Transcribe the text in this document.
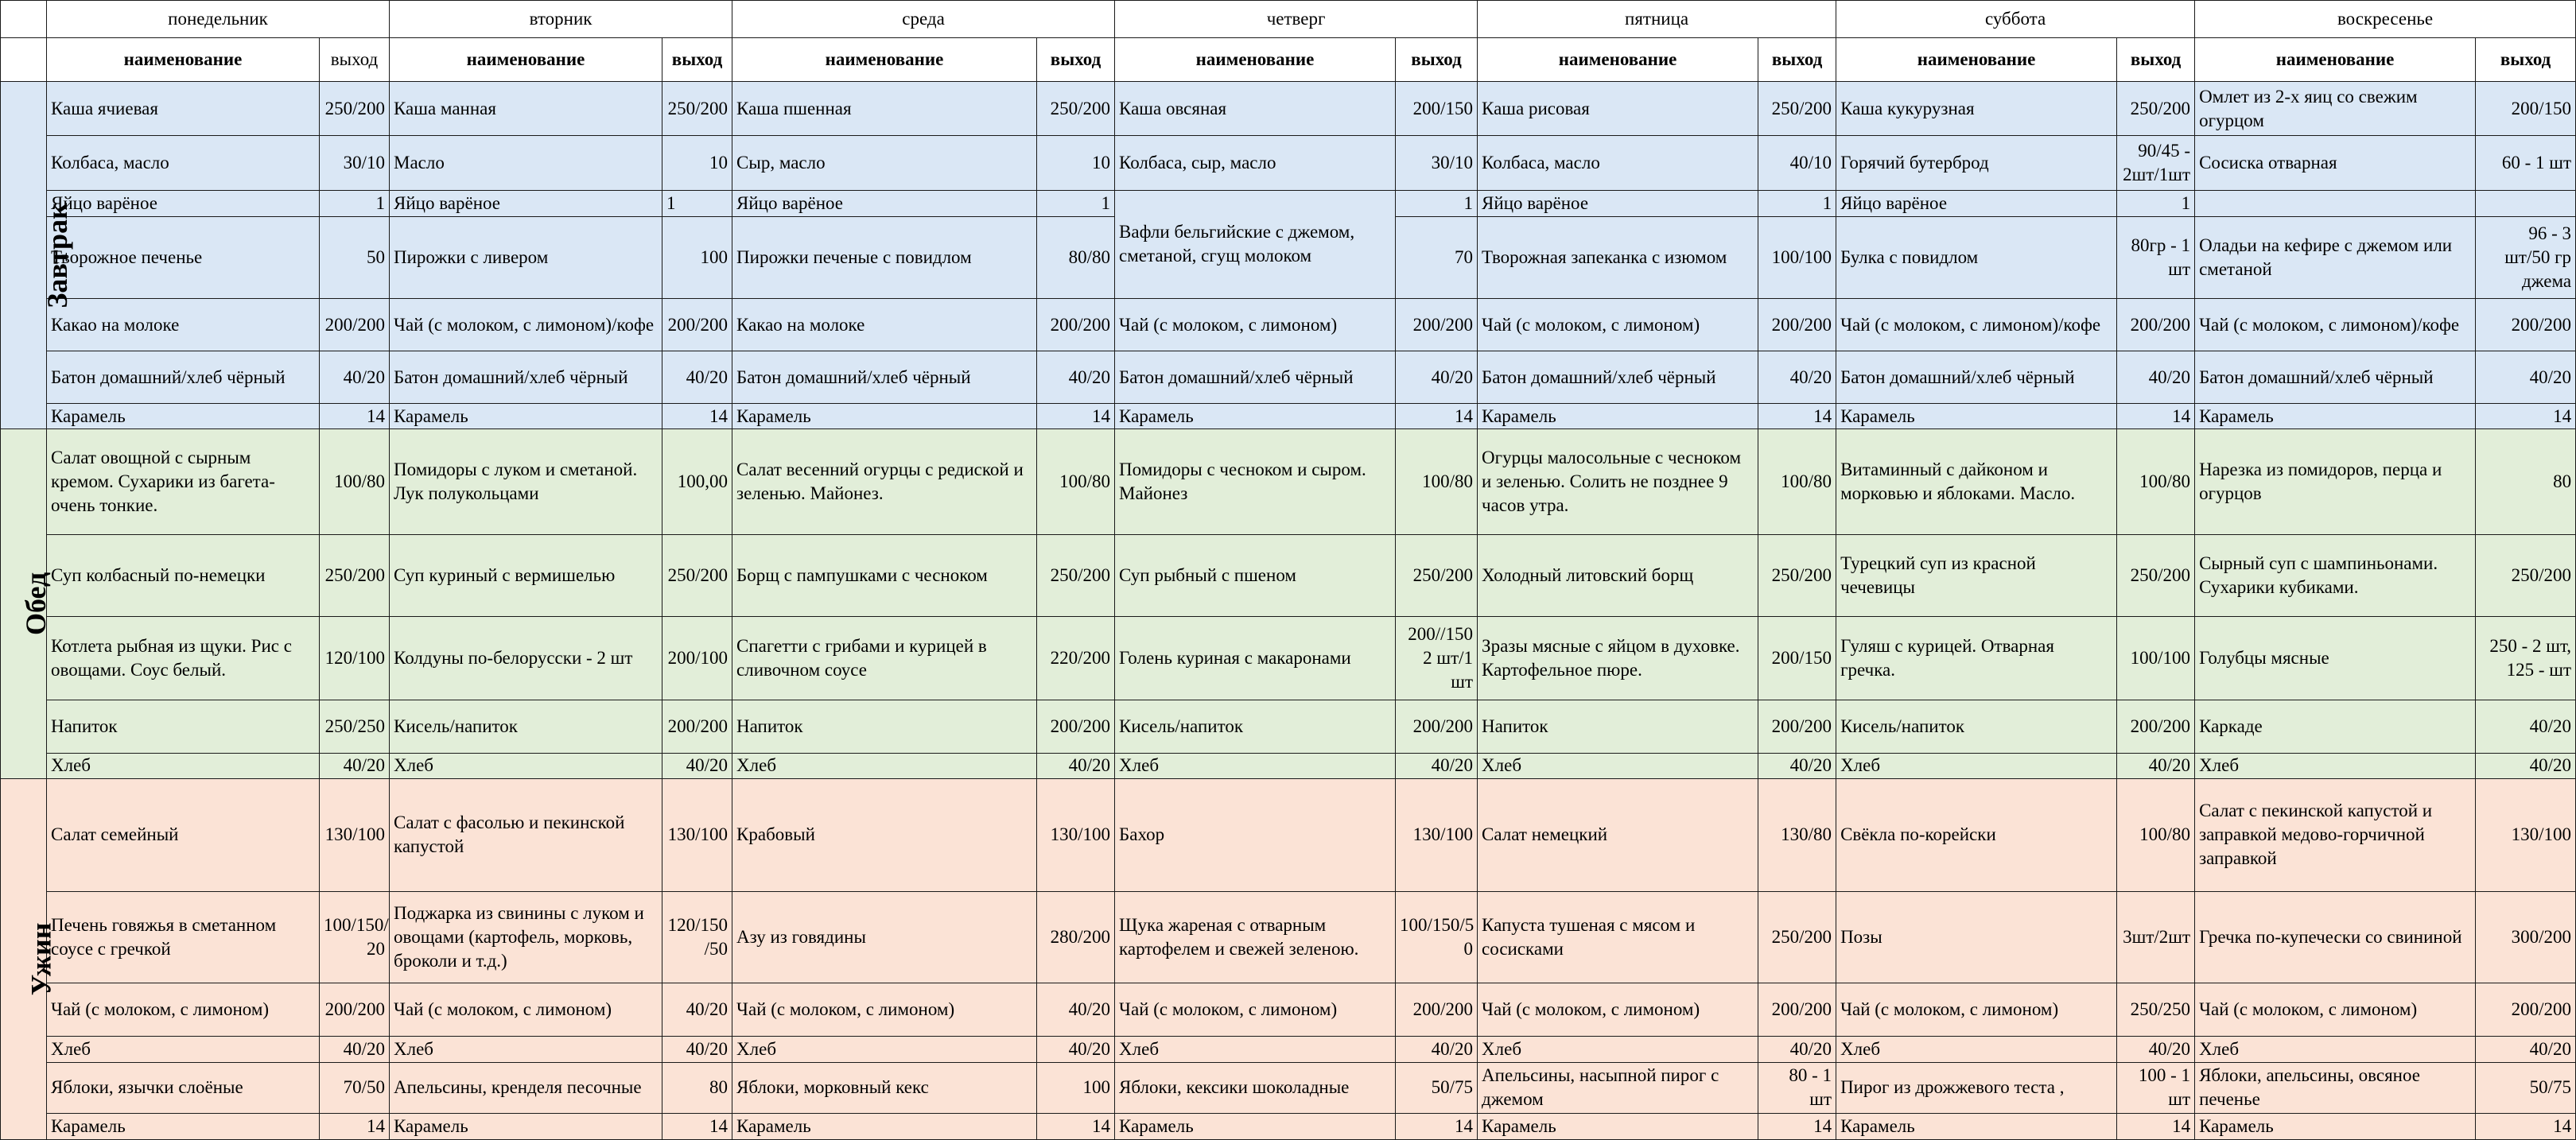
	понедельник		вторник		среда		четверг		пятница		суббота		воскресенье	
	наименование	выход	наименование	выход	наименование	выход	наименование	выход	наименование	выход	наименование	выход	наименование	выход
Завтрак	Каша ячиевая	250/200	Каша манная	250/200	Каша пшенная	250/200	Каша овсяная	200/150	Каша рисовая	250/200	Каша кукурузная	250/200	Омлет из 2-х яиц со свежим огурцом	200/150
	Колбаса, масло	30/10	Масло	10	Сыр, масло	10	Колбаса, сыр, масло	30/10	Колбаса, масло	40/10	Горячий бутерброд	90/45 - 2шт/1шт	Сосиска отварная	60 - 1 шт
	Яйцо варёное	1	Яйцо варёное	1	Яйцо варёное	1	Вафли бельгийские с джемом, сметаной, сгущ молоком	1	Яйцо варёное	1	Яйцо варёное	1		
	Творожное печенье	50	Пирожки с ливером	100	Пирожки печеные с повидлом	80/80		70	Творожная запеканка с изюмом	100/100	Булка с повидлом	80гр - 1 шт	Оладьи на кефире с джемом или сметаной	96 - 3 шт/50 гр джема
	Какао на молоке	200/200	Чай (с молоком, с лимоном)/кофе	200/200	Какао на молоке	200/200	Чай (с молоком, с лимоном)	200/200	Чай (с молоком, с лимоном)	200/200	Чай (с молоком, с лимоном)/кофе	200/200	Чай (с молоком, с лимоном)/кофе	200/200
	Батон домашний/хлеб чёрный	40/20	Батон домашний/хлеб чёрный	40/20	Батон домашний/хлеб чёрный	40/20	Батон домашний/хлеб чёрный	40/20	Батон домашний/хлеб чёрный	40/20	Батон домашний/хлеб чёрный	40/20	Батон домашний/хлеб чёрный	40/20
	Карамель	14	Карамель	14	Карамель	14	Карамель	14	Карамель	14	Карамель	14	Карамель	14
Обед	Салат овощной с сырным кремом. Сухарики из багета- очень тонкие.	100/80	Помидоры с луком и сметаной. Лук полукольцами	100,00	Салат весенний огурцы с редиской и зеленью. Майонез.	100/80	Помидоры с чесноком и сыром. Майонез	100/80	Огурцы малосольные с чесноком и зеленью. Солить не позднее 9 часов утра.	100/80	Витаминный с дайконом и морковью и яблоками. Масло.	100/80	Нарезка из помидоров, перца и огурцов	80
	Суп колбасный по-немецки	250/200	Суп куриный с вермишелью	250/200	Борщ с пампушками с чесноком	250/200	Суп рыбный с пшеном	250/200	Холодный литовский борщ	250/200	Турецкий суп из красной чечевицы	250/200	Сырный суп с шампиньонами. Сухарики кубиками.	250/200
	Котлета рыбная из щуки. Рис с овощами. Соус белый.	120/100	Колдуны по-белорусски - 2 шт	200/100	Спагетти с грибами и курицей в сливочном соусе	220/200	Голень куриная с макаронами	200//150 2 шт/1 шт	Зразы мясные с яйцом в духовке. Картофельное пюре.	200/150	Гуляш с курицей. Отварная гречка.	100/100	Голубцы мясные	250 - 2 шт, 125 - шт
	Напиток	250/250	Кисель/напиток	200/200	Напиток	200/200	Кисель/напиток	200/200	Напиток	200/200	Кисель/напиток	200/200	Каркаде	40/20
	Хлеб	40/20	Хлеб	40/20	Хлеб	40/20	Хлеб	40/20	Хлеб	40/20	Хлеб	40/20	Хлеб	40/20
Ужин	Салат семейный	130/100	Салат с фасолью и пекинской капустой	130/100	Крабовый	130/100	Бахор	130/100	Салат немецкий	130/80	Свёкла по-корейски	100/80	Салат с пекинской капустой и заправкой медово-горчичной заправкой	130/100
	Печень говяжья в сметанном соусе с гречкой	100/150/ 20	Поджарка из свинины с луком и овощами (картофель, морковь, броколи и т.д.)	120/150 /50	Азу из говядины	280/200	Щука жареная с отварным картофелем и свежей зеленою.	100/150/5 0	Капуста тушеная с мясом и сосисками	250/200	Позы	3шт/2шт	Гречка по-купечески со свининой	300/200
	Чай (с молоком, с лимоном)	200/200	Чай (с молоком, с лимоном)	40/20	Чай (с молоком, с лимоном)	40/20	Чай (с молоком, с лимоном)	200/200	Чай (с молоком, с лимоном)	200/200	Чай (с молоком, с лимоном)	250/250	Чай (с молоком, с лимоном)	200/200
	Хлеб	40/20	Хлеб	40/20	Хлеб	40/20	Хлеб	40/20	Хлеб	40/20	Хлеб	40/20	Хлеб	40/20
	Яблоки, язычки слоёные	70/50	Апельсины, кренделя песочные	80	Яблоки, морковный кекс	100	Яблоки, кексики шоколадные	50/75	Апельсины, насыпной пирог с джемом	80 - 1 шт	Пирог из дрожжевого теста ,	100 - 1 шт	Яблоки, апельсины, овсяное печенье	50/75
	Карамель	14	Карамель	14	Карамель	14	Карамель	14	Карамель	14	Карамель	14	Карамель	14
